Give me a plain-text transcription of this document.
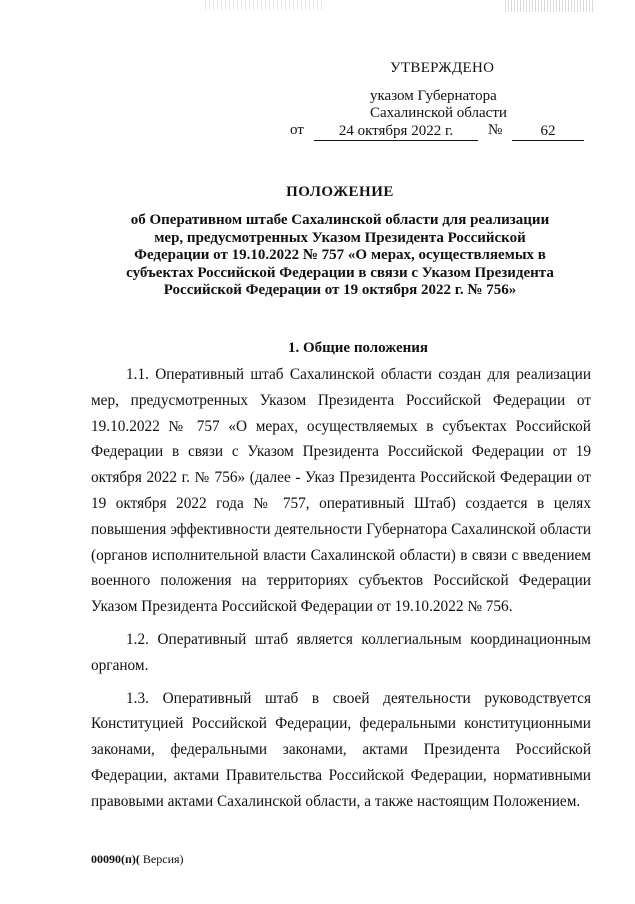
УТВЕРЖДЕНО
указом Губернатора
Сахалинской области
от	24 октября 2022 г.	№	62
ПОЛОЖЕНИЕ
об Оперативном штабе Сахалинской области для реализации
мер, предусмотренных Указом Президента Российской
Федерации от 19.10.2022 № 757 «О мерах, осуществляемых в
субъектах Российской Федерации в связи с Указом Президента
Российской Федерации от 19 октября 2022 г. № 756»
1. Общие положения

1.1. Оперативный штаб Сахалинской области создан для реализации мер, предусмотренных Указом Президента Российской Федерации от 19.10.2022 № 757 «О мерах, осуществляемых в субъектах Российской Федерации в связи с Указом Президента Российской Федерации от 19 октября 2022 г. № 756» (далее - Указ Президента Российской Федерации от 19 октября 2022 года № 757, оперативный Штаб) создается в целях повышения эффективности деятельности Губернатора Сахалинской области (органов исполнительной власти Сахалинской области) в связи с введением военного положения на территориях субъектов Российской Федерации Указом Президента Российской Федерации от 19.10.2022 № 756.

1.2. Оперативный штаб является коллегиальным координационным органом.

1.3. Оперативный штаб в своей деятельности руководствуется Конституцией Российской Федерации, федеральными конституционными законами, федеральными законами, актами Президента Российской Федерации, актами Правительства Российской Федерации, нормативными правовыми актами Сахалинской области, а также настоящим Положением.

00090(п)( Версия)
